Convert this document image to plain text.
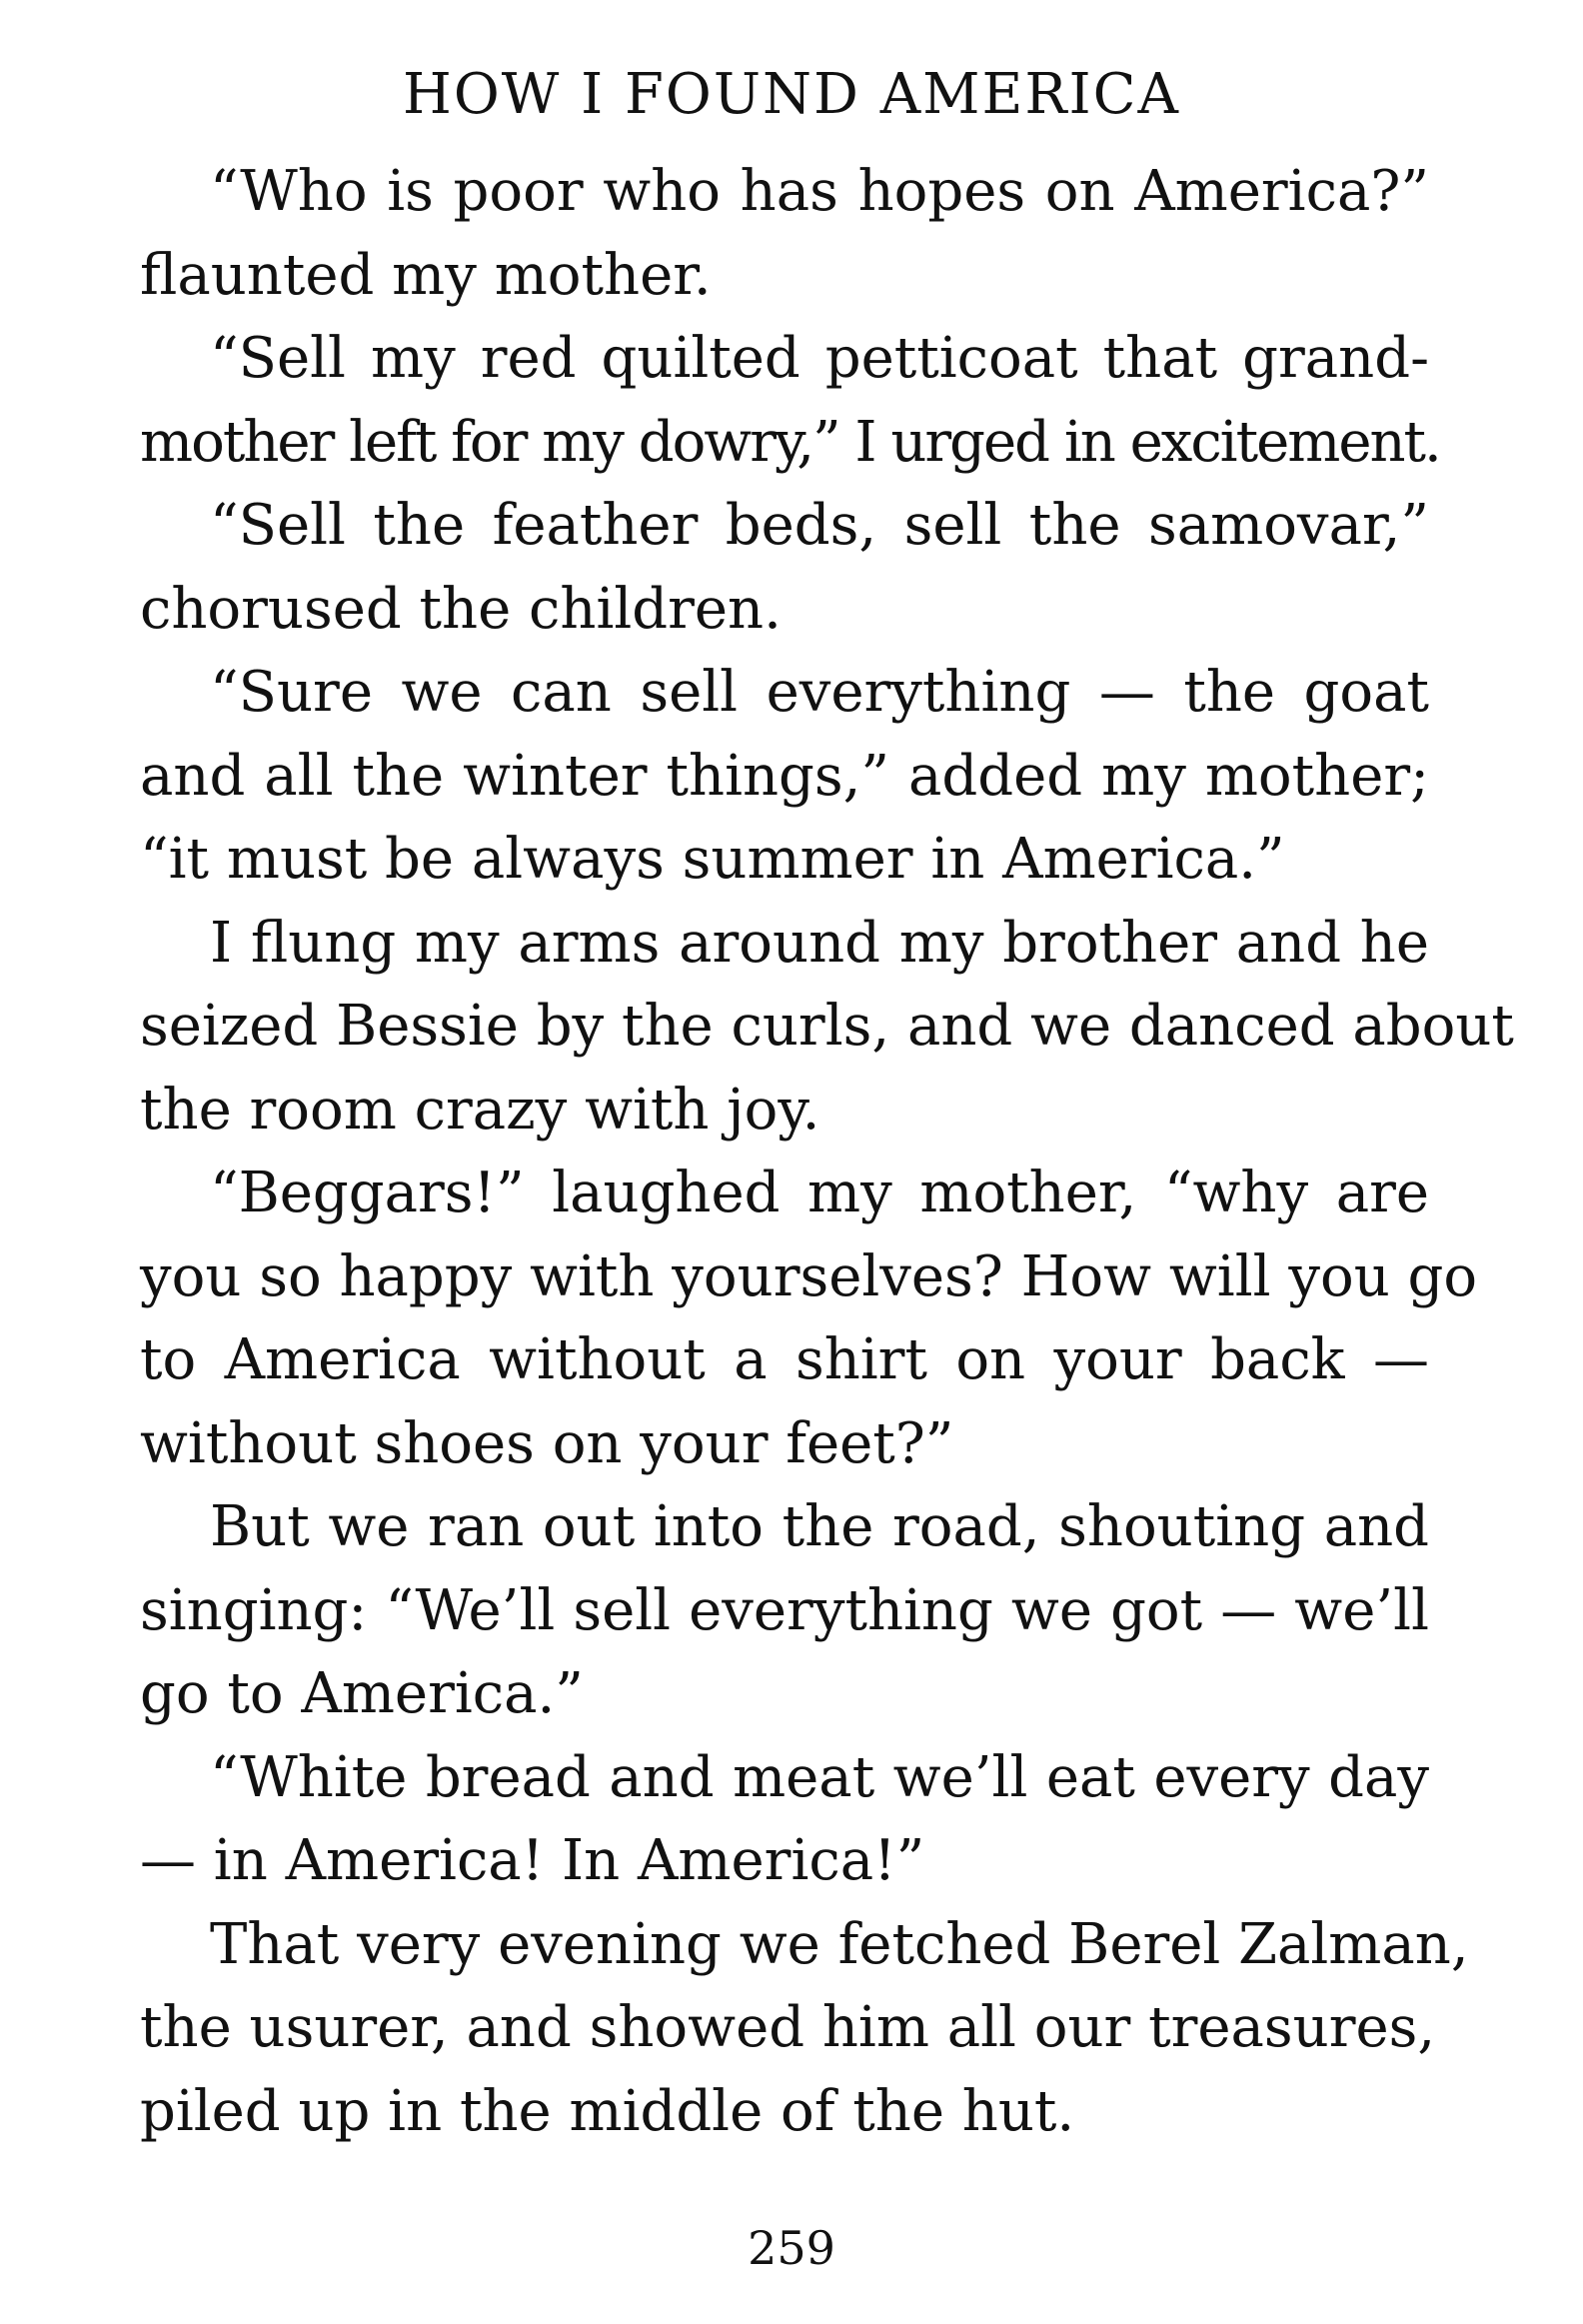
HOW I FOUND AMERICA
“Who is poor who has hopes on America?”
flaunted my mother.
“Sell my red quilted petticoat that grand-
mother left for my dowry,” I urged in excitement.
“Sell the feather beds, sell the samovar,”
chorused the children.
“Sure we can sell everything — the goat
and all the winter things,” added my mother;
“it must be always summer in America.”
I flung my arms around my brother and he
seized Bessie by the curls, and we danced about
the room crazy with joy.
“Beggars!” laughed my mother, “why are
you so happy with yourselves? How will you go
to America without a shirt on your back —
without shoes on your feet?”
But we ran out into the road, shouting and
singing: “We’ll sell everything we got — we’ll
go to America.”
“White bread and meat we’ll eat every day
— in America! In America!”
That very evening we fetched Berel Zalman,
the usurer, and showed him all our treasures,
piled up in the middle of the hut.
259
